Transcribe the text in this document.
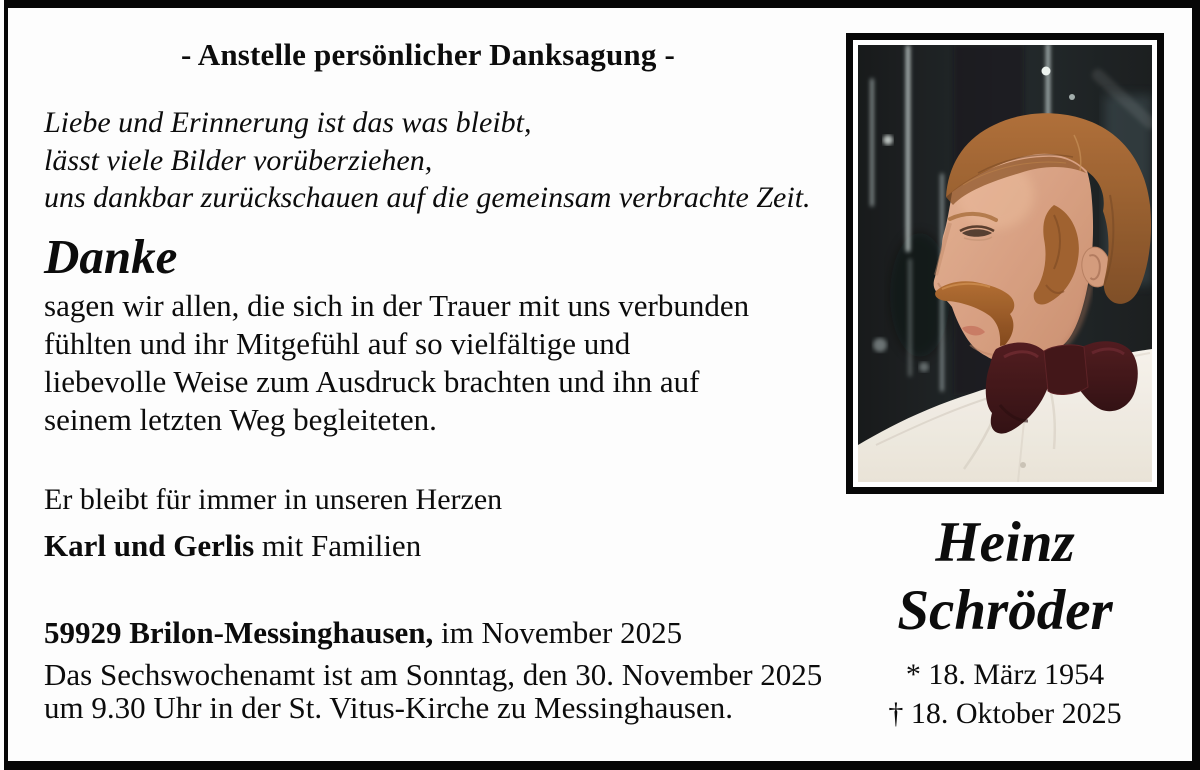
- Anstelle persönlicher Danksagung -
Liebe und Erinnerung ist das was bleibt,
lässt viele Bilder vorüberziehen,
uns dankbar zurückschauen auf die gemeinsam verbrachte Zeit.
Danke
sagen wir allen, die sich in der Trauer mit uns verbunden
fühlten und ihr Mitgefühl auf so vielfältige und
liebevolle Weise zum Ausdruck brachten und ihn auf
seinem letzten Weg begleiteten.
Er bleibt für immer in unseren Herzen
Karl und Gerlis mit Familien
59929 Brilon-Messinghausen, im November 2025
Das Sechswochenamt ist am Sonntag, den 30. November 2025
um 9.30 Uhr in der St. Vitus-Kirche zu Messinghausen.
Heinz
Schröder
* 18. März 1954
† 18. Oktober 2025
